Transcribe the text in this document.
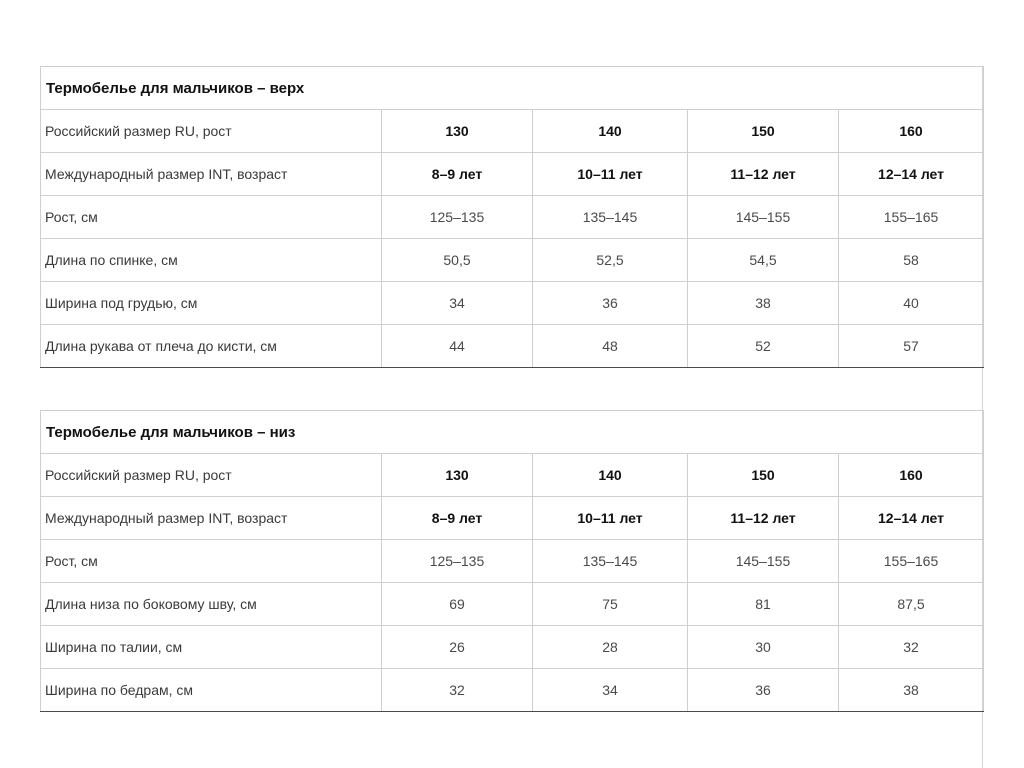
Термобелье для мальчиков – верх				
Российский размер RU, рост	130	140	150	160
Международный размер INT, возраст	8–9 лет	10–11 лет	11–12 лет	12–14 лет
Рост, см	125–135	135–145	145–155	155–165
Длина по спинке, см	50,5	52,5	54,5	58
Ширина под грудью, см	34	36	38	40
Длина рукава от плеча до кисти, см	44	48	52	57
Термобелье для мальчиков – низ				
Российский размер RU, рост	130	140	150	160
Международный размер INT, возраст	8–9 лет	10–11 лет	11–12 лет	12–14 лет
Рост, см	125–135	135–145	145–155	155–165
Длина низа по боковому шву, см	69	75	81	87,5
Ширина по талии, см	26	28	30	32
Ширина по бедрам, см	32	34	36	38
